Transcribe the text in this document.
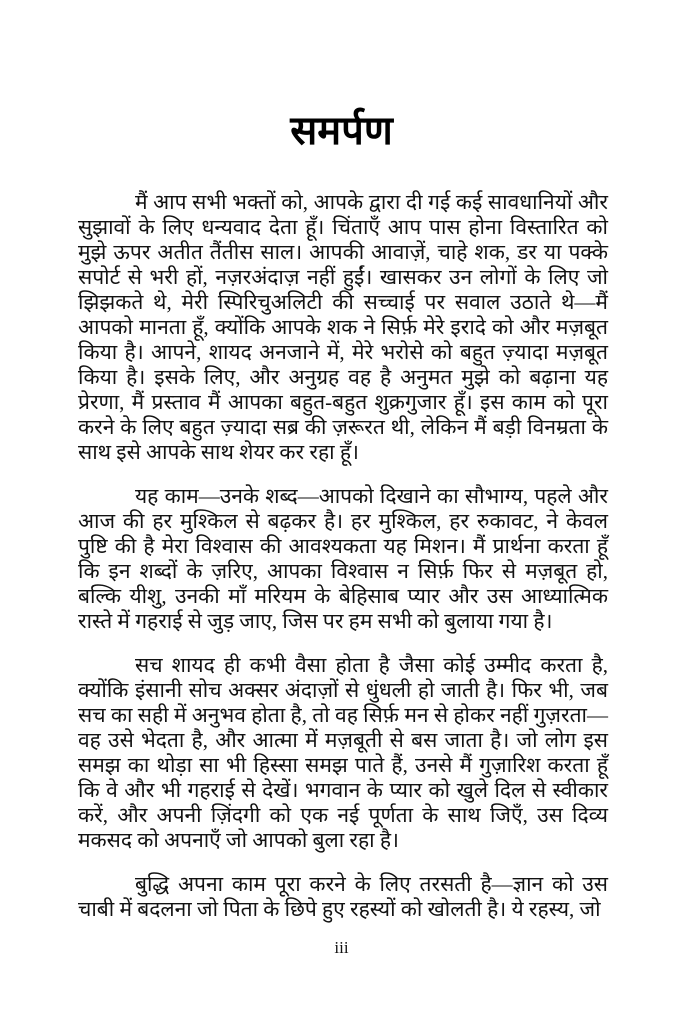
समर्पण

मैं आप सभी भक्तों को, आपके द्वारा दी गई कई सावधानियों और सुझावों के लिए धन्यवाद देता हूँ। चिंताएँ आप पास होना विस्तारित को मुझे ऊपर अतीत तैंतीस साल। आपकी आवाज़ें, चाहे शक, डर या पक्के सपोर्ट से भरी हों, नज़रअंदाज़ नहीं हुईं। खासकर उन लोगों के लिए जो झिझकते थे, मेरी स्पिरिचुअलिटी की सच्चाई पर सवाल उठाते थे—मैं आपको मानता हूँ, क्योंकि आपके शक ने सिर्फ़ मेरे इरादे को और मज़बूत किया है। आपने, शायद अनजाने में, मेरे भरोसे को बहुत ज़्यादा मज़बूत किया है। इसके लिए, और अनुग्रह वह है अनुमत मुझे को बढ़ाना यह प्रेरणा, मैं प्रस्ताव मैं आपका बहुत-बहुत शुक्रगुजार हूँ। इस काम को पूरा करने के लिए बहुत ज़्यादा सब्र की ज़रूरत थी, लेकिन मैं बड़ी विनम्रता के साथ इसे आपके साथ शेयर कर रहा हूँ।

यह काम—उनके शब्द—आपको दिखाने का सौभाग्य, पहले और आज की हर मुश्किल से बढ़कर है। हर मुश्किल, हर रुकावट, ने केवल पुष्टि की है मेरा विश्वास की आवश्यकता यह मिशन। मैं प्रार्थना करता हूँ कि इन शब्दों के ज़रिए, आपका विश्वास न सिर्फ़ फिर से मज़बूत हो, बल्कि यीशु, उनकी माँ मरियम के बेहिसाब प्यार और उस आध्यात्मिक रास्ते में गहराई से जुड़ जाए, जिस पर हम सभी को बुलाया गया है।

सच शायद ही कभी वैसा होता है जैसा कोई उम्मीद करता है, क्योंकि इंसानी सोच अक्सर अंदाज़ों से धुंधली हो जाती है। फिर भी, जब सच का सही में अनुभव होता है, तो वह सिर्फ़ मन से होकर नहीं गुज़रता—वह उसे भेदता है, और आत्मा में मज़बूती से बस जाता है। जो लोग इस समझ का थोड़ा सा भी हिस्सा समझ पाते हैं, उनसे मैं गुज़ारिश करता हूँ कि वे और भी गहराई से देखें। भगवान के प्यार को खुले दिल से स्वीकार करें, और अपनी ज़िंदगी को एक नई पूर्णता के साथ जिएँ, उस दिव्य मकसद को अपनाएँ जो आपको बुला रहा है।

बुद्धि अपना काम पूरा करने के लिए तरसती है—ज्ञान को उस चाबी में बदलना जो पिता के छिपे हुए रहस्यों को खोलती है। ये रहस्य, जो

iii
